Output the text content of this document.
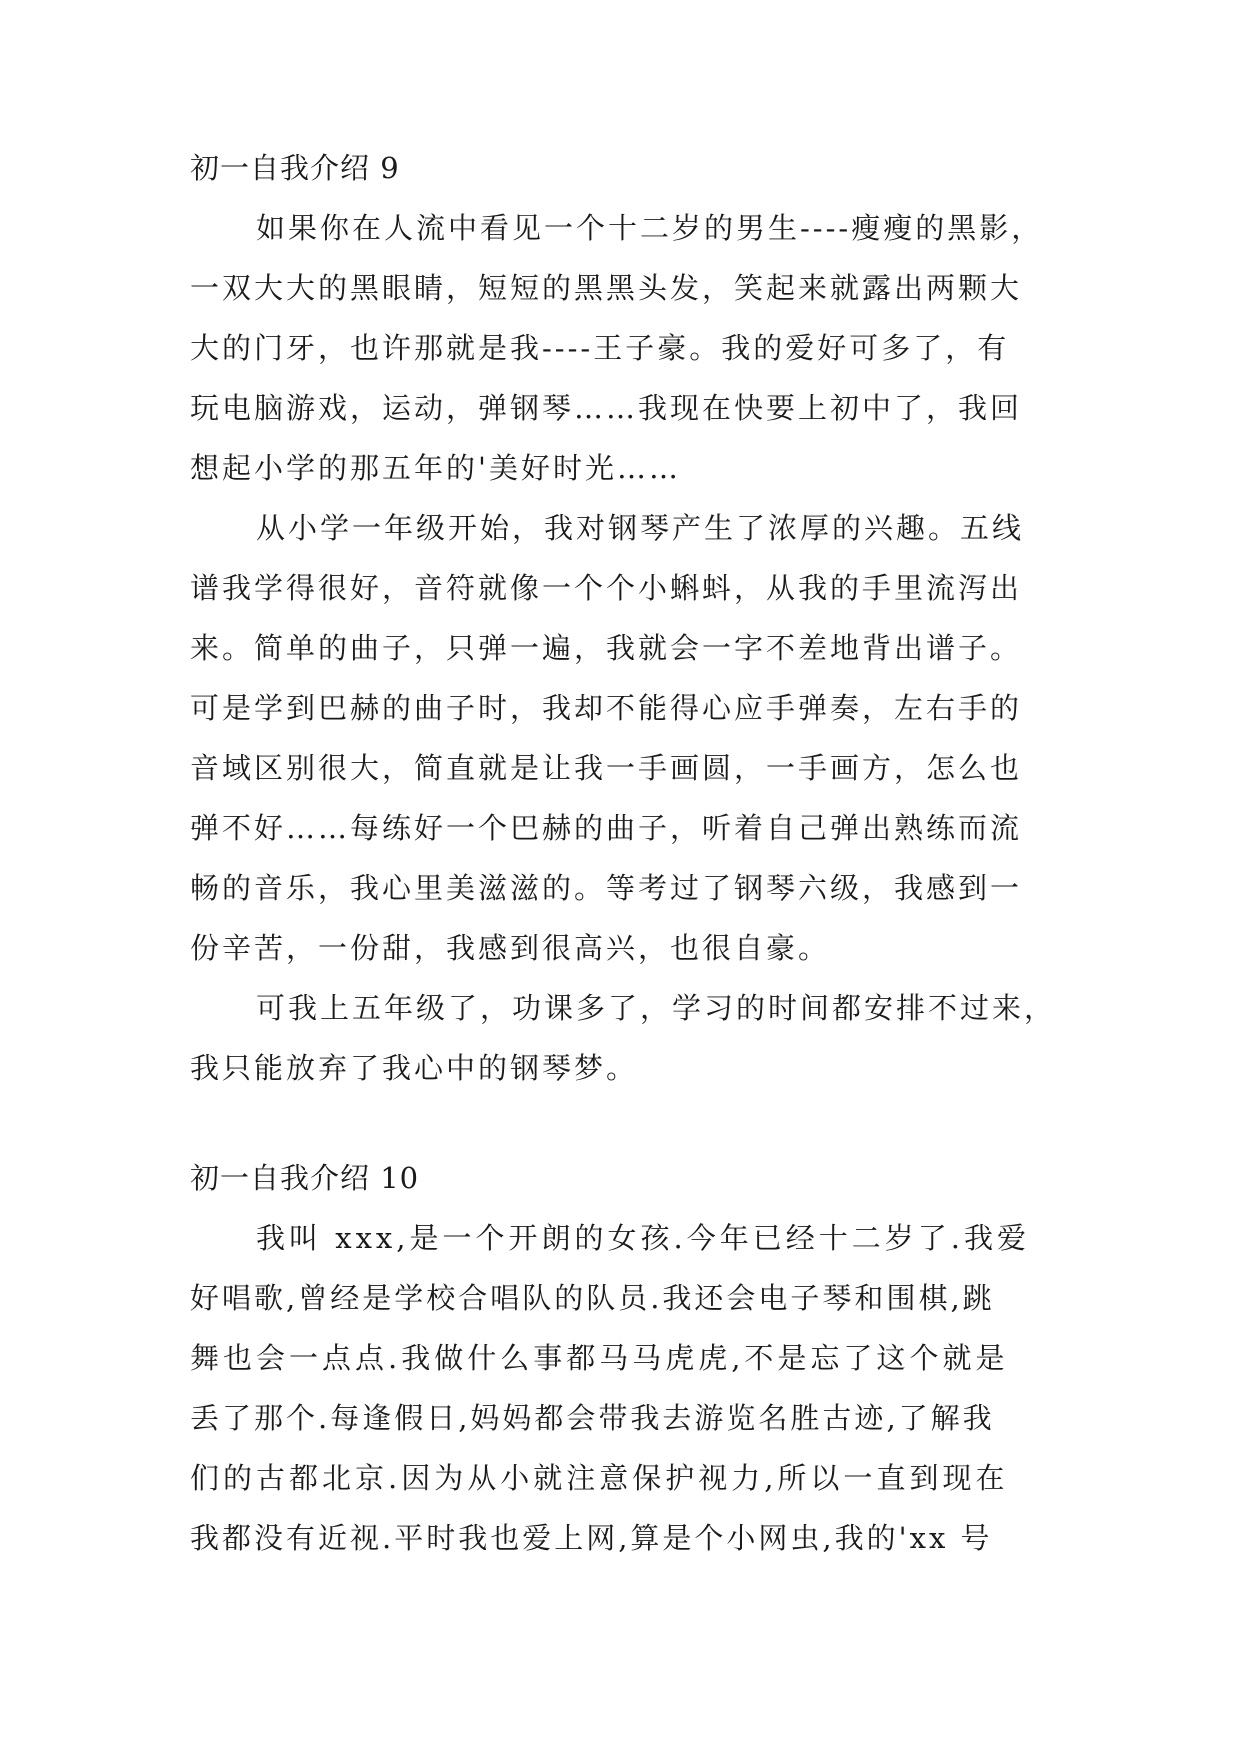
初一自我介绍 9
如果你在人流中看见一个十二岁的男生----瘦瘦的黑影，
一双大大的黑眼睛，短短的黑黑头发，笑起来就露出两颗大
大的门牙，也许那就是我----王子豪。我的爱好可多了，有
玩电脑游戏，运动，弹钢琴……我现在快要上初中了，我回
想起小学的那五年的'美好时光……
从小学一年级开始，我对钢琴产生了浓厚的兴趣。五线
谱我学得很好，音符就像一个个小蝌蚪，从我的手里流泻出
来。简单的曲子，只弹一遍，我就会一字不差地背出谱子。
可是学到巴赫的曲子时，我却不能得心应手弹奏，左右手的
音域区别很大，简直就是让我一手画圆，一手画方，怎么也
弹不好……每练好一个巴赫的曲子，听着自己弹出熟练而流
畅的音乐，我心里美滋滋的。等考过了钢琴六级，我感到一
份辛苦，一份甜，我感到很高兴，也很自豪。
可我上五年级了，功课多了，学习的时间都安排不过来，
我只能放弃了我心中的钢琴梦。
初一自我介绍 10
我叫 xxx,是一个开朗的女孩.今年已经十二岁了.我爱
好唱歌,曾经是学校合唱队的队员.我还会电子琴和围棋,跳
舞也会一点点.我做什么事都马马虎虎,不是忘了这个就是
丢了那个.每逢假日,妈妈都会带我去游览名胜古迹,了解我
们的古都北京.因为从小就注意保护视力,所以一直到现在
我都没有近视.平时我也爱上网,算是个小网虫,我的'xx 号
